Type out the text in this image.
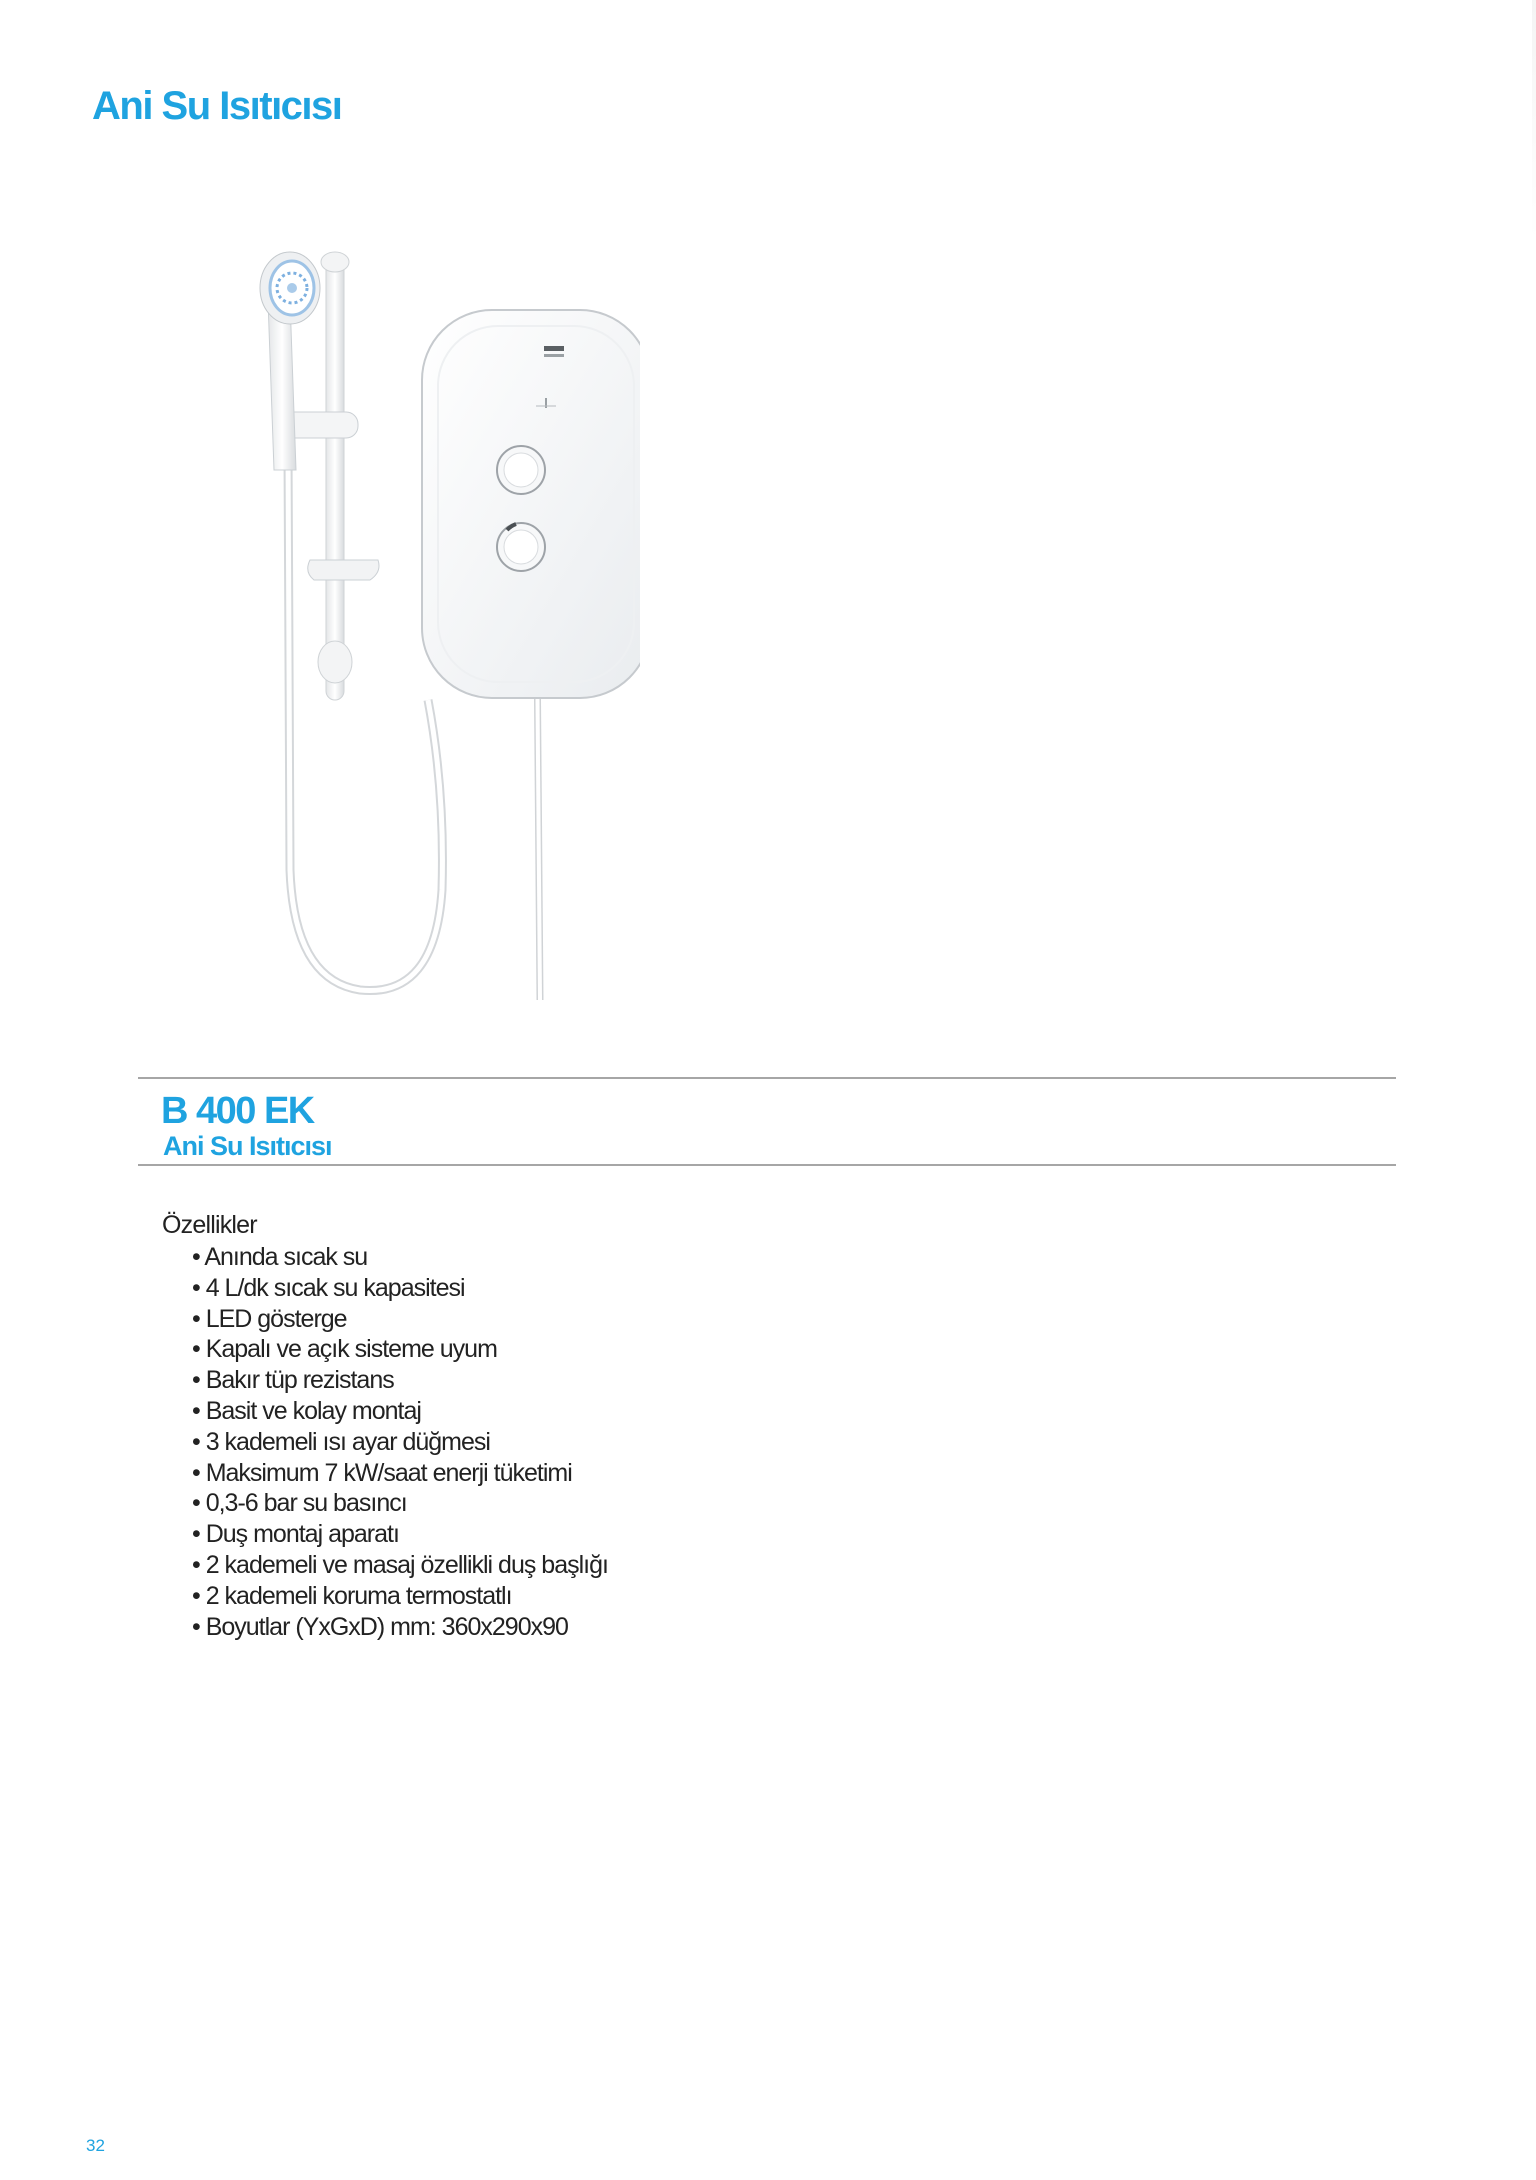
Ani Su Isıtıcısı
B 400 EK
Ani Su Isıtıcısı
Özellikler
• Anında sıcak su
• 4 L/dk sıcak su kapasitesi
• LED gösterge
• Kapalı ve açık sisteme uyum
• Bakır tüp rezistans
• Basit ve kolay montaj
• 3 kademeli ısı ayar düğmesi
• Maksimum 7 kW/saat enerji tüketimi
• 0,3-6 bar su basıncı
• Duş montaj aparatı
• 2 kademeli ve masaj özellikli duş başlığı
• 2 kademeli koruma termostatlı
• Boyutlar (YxGxD) mm: 360x290x90
32
